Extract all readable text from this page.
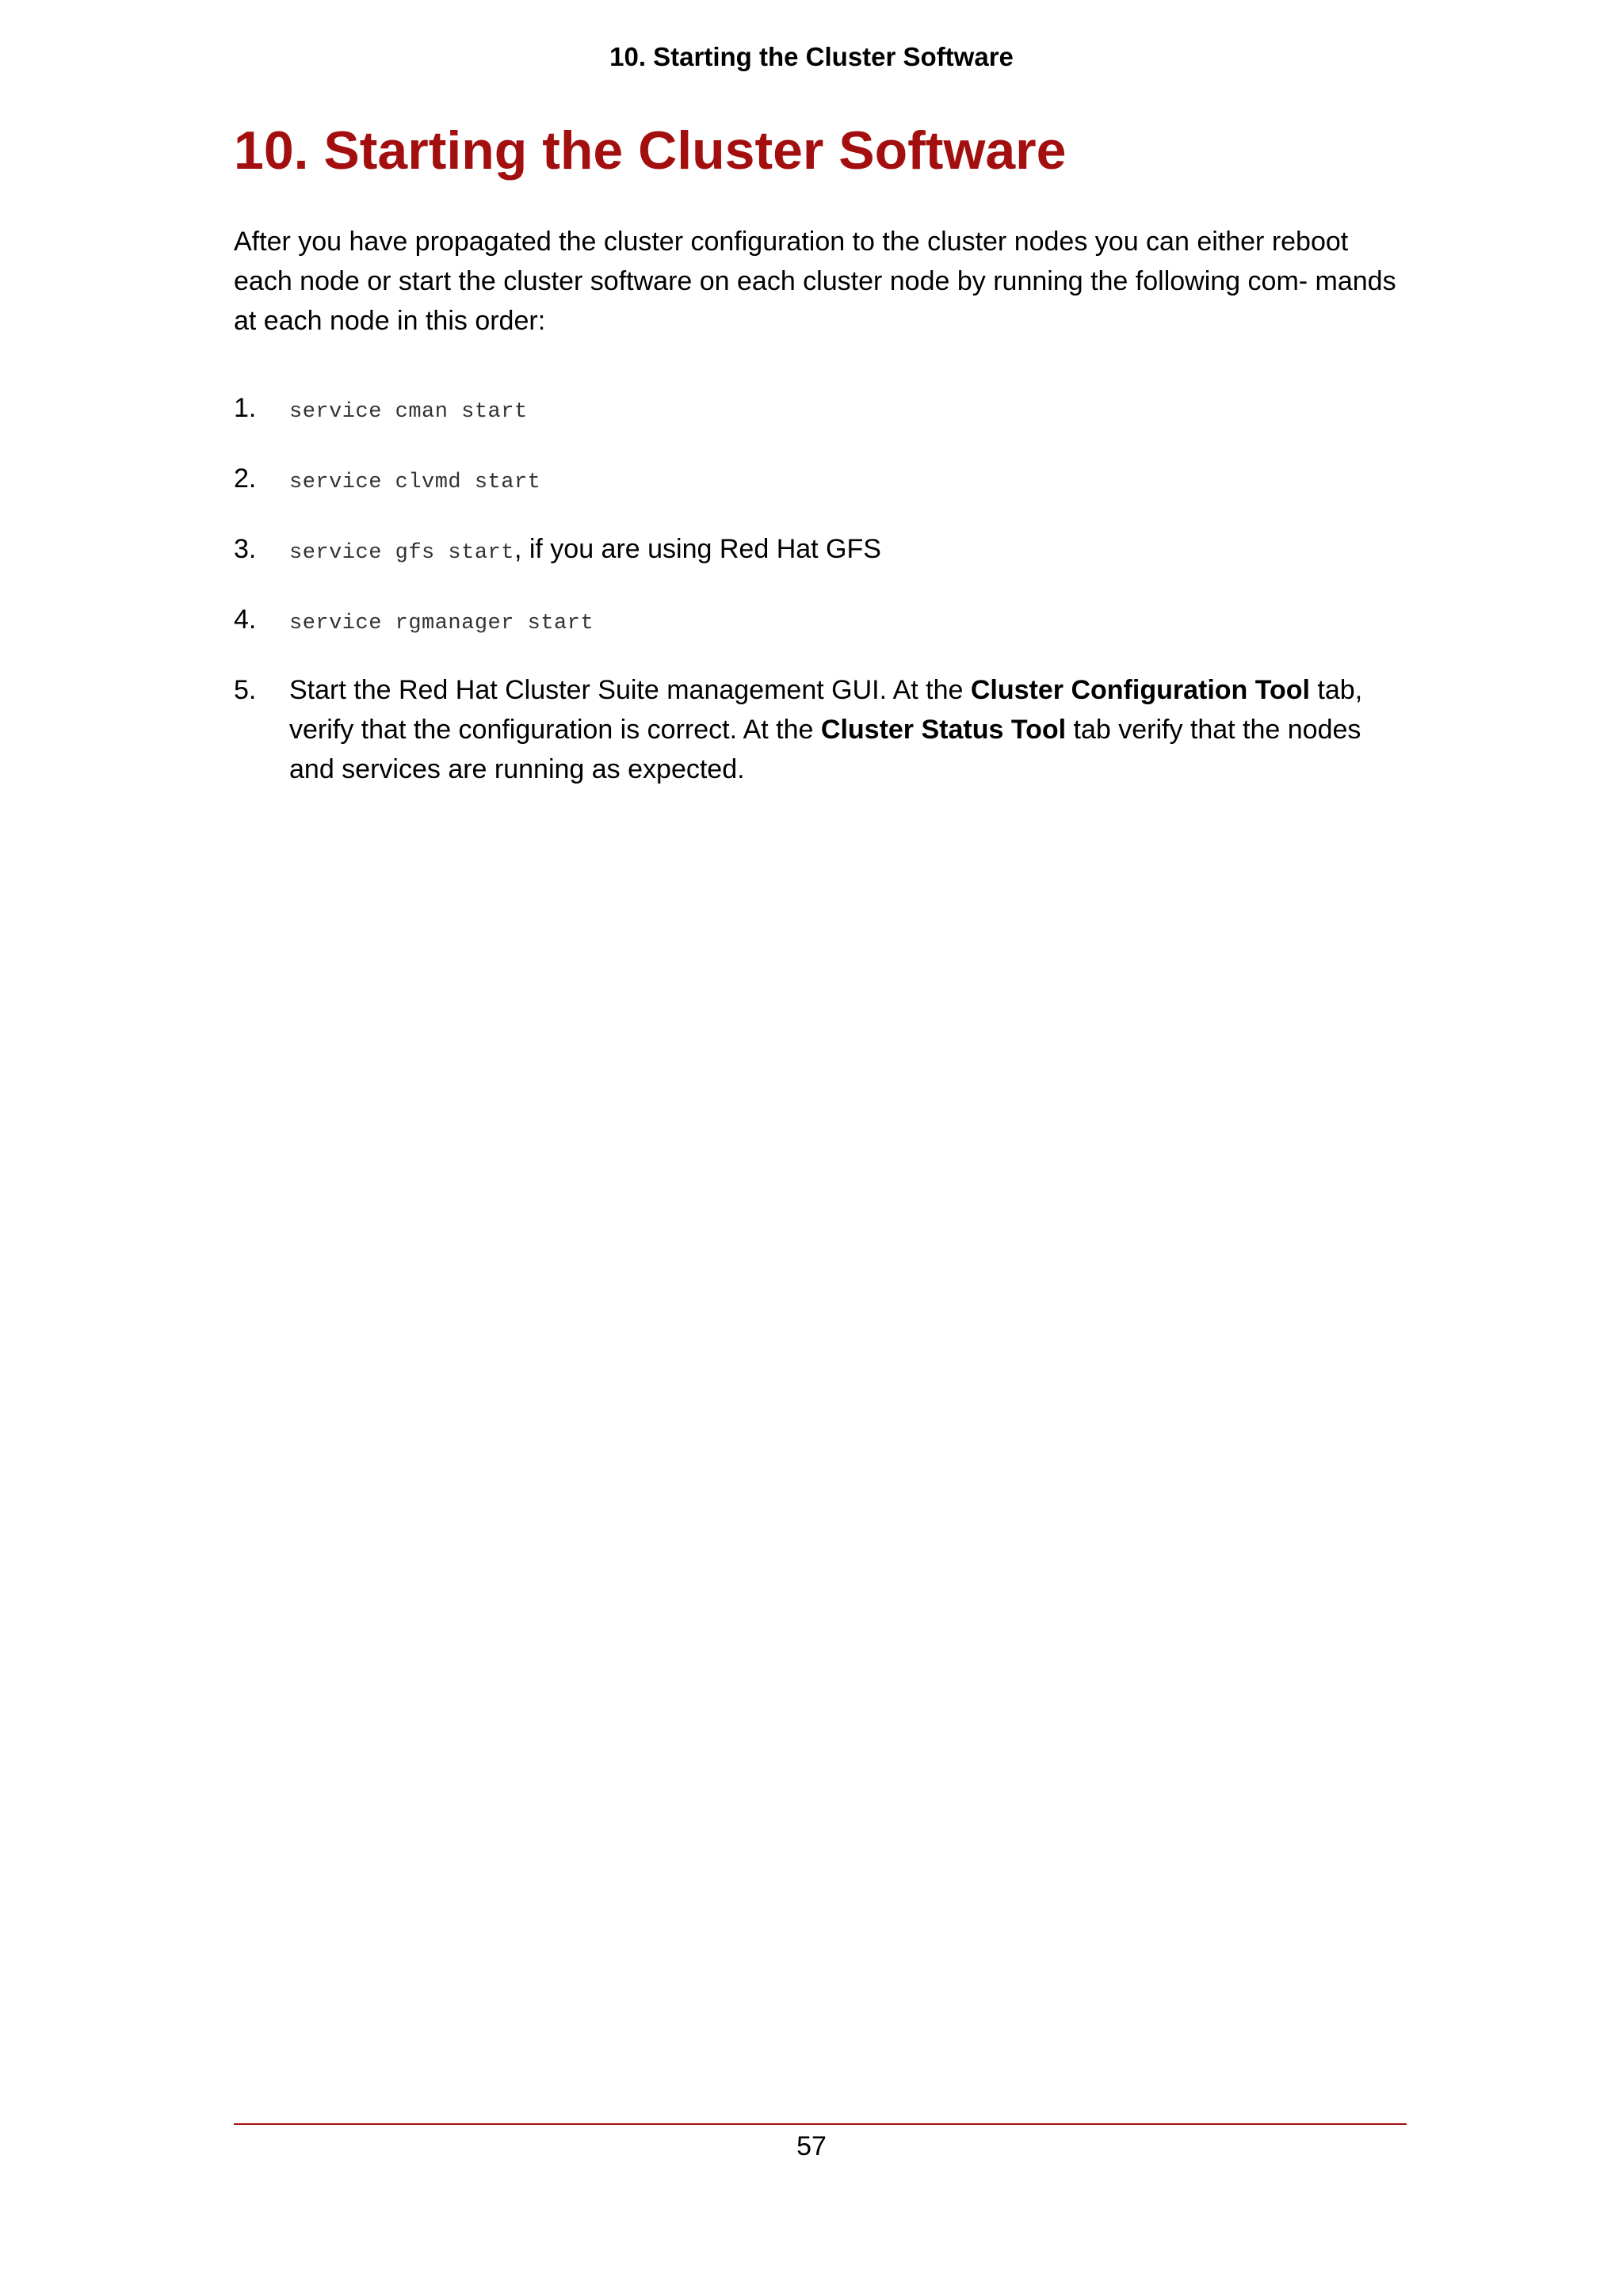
10. Starting the Cluster Software
10. Starting the Cluster Software

After you have propagated the cluster configuration to the cluster nodes you can either reboot each node or start the cluster software on each cluster node by running the following com- mands at each node in this order:

1. service cman start
2. service clvmd start
3. service gfs start, if you are using Red Hat GFS
4. service rgmanager start
5. Start the Red Hat Cluster Suite management GUI. At the Cluster Configuration Tool tab, verify that the configuration is correct. At the Cluster Status Tool tab verify that the nodes and services are running as expected.
57
